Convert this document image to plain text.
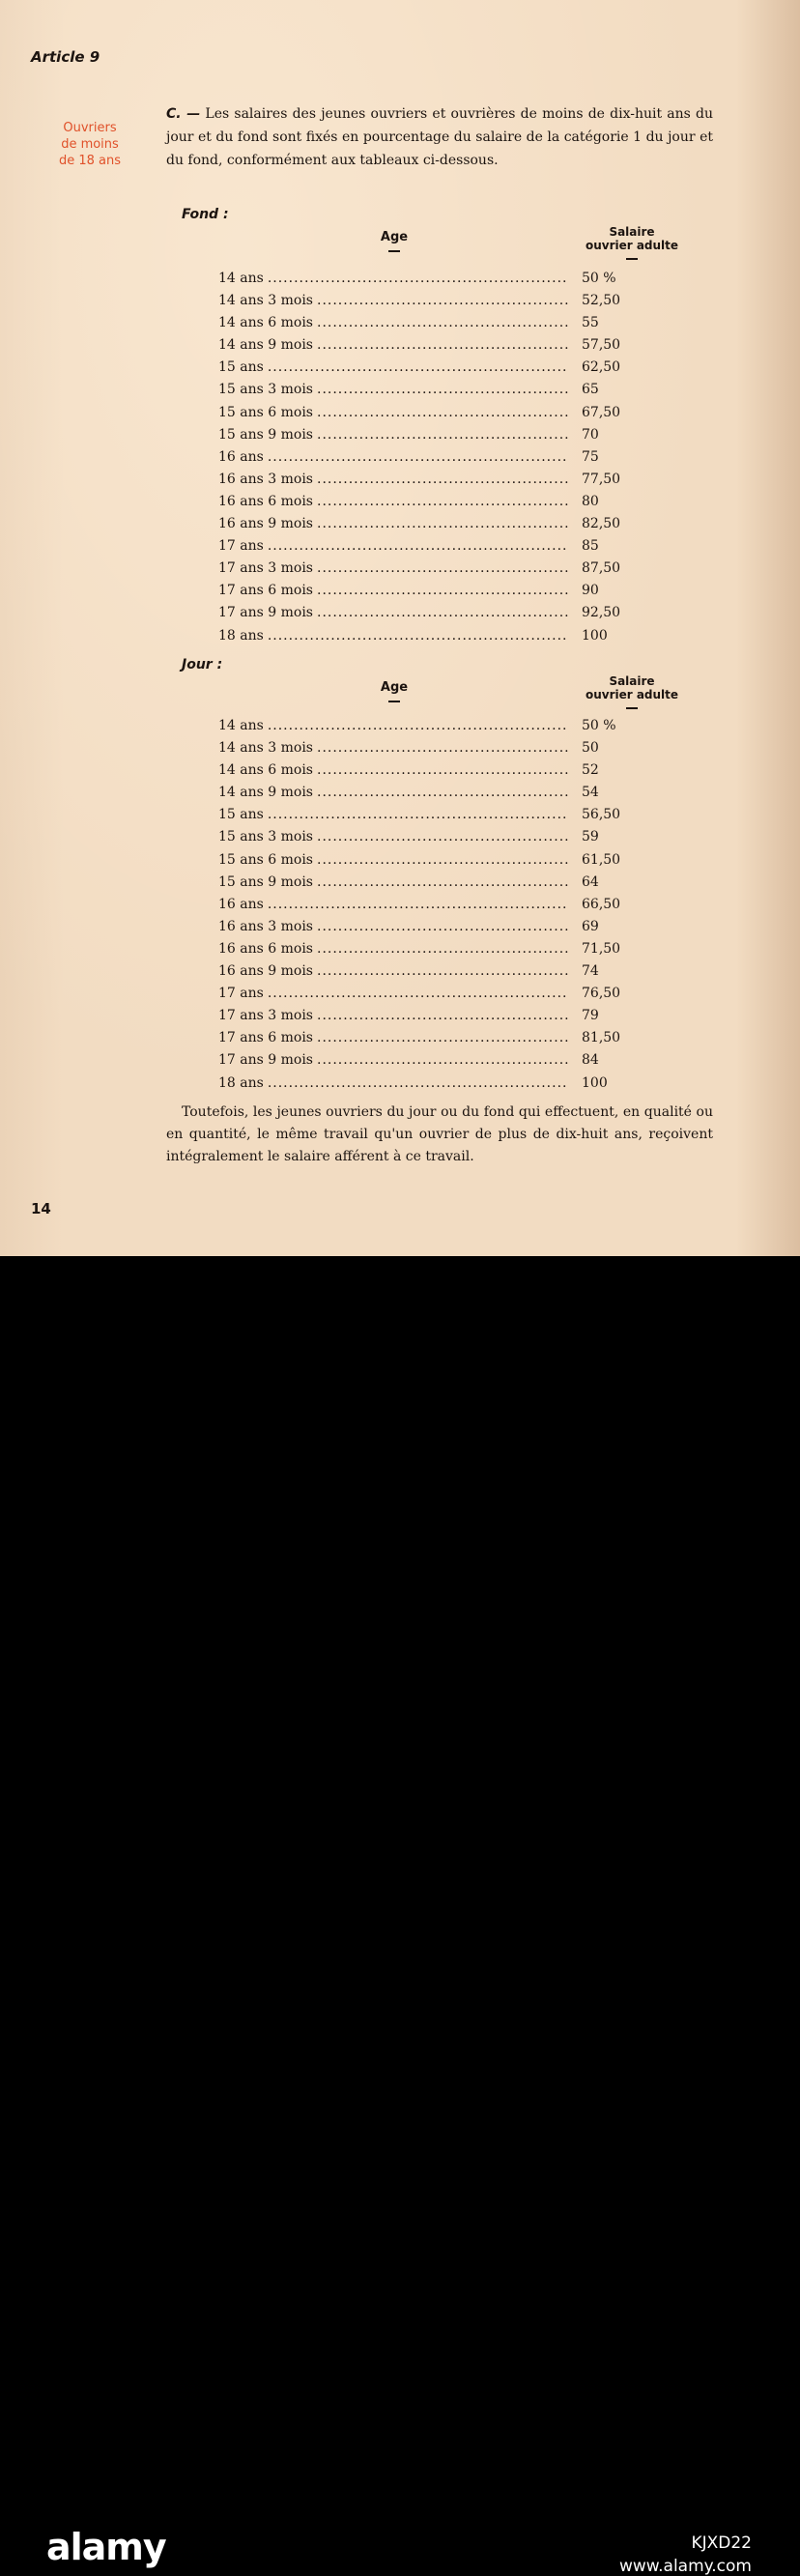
Article 9
Ouvriers
de moins
de 18 ans
C. — Les salaires des jeunes ouvriers et ouvrières de moins de dix-huit ans du jour et du fond sont fixés en pourcentage du salaire de la catégorie 1 du jour et du fond, conformément aux tableaux ci-dessous.
Fond :
Age	Salaire
ouvrier adulte
14 ans .....	50 %
14 ans 3 mois .....	52,50
14 ans 6 mois .....	55
14 ans 9 mois .....	57,50
15 ans .....	62,50
15 ans 3 mois .....	65
15 ans 6 mois .....	67,50
15 ans 9 mois .....	70
16 ans .....	75
16 ans 3 mois .....	77,50
16 ans 6 mois .....	80
16 ans 9 mois .....	82,50
17 ans .....	85
17 ans 3 mois .....	87,50
17 ans 6 mois .....	90
17 ans 9 mois .....	92,50
18 ans .....	100
Jour :
Age	Salaire
ouvrier adulte
14 ans .....	50 %
14 ans 3 mois .....	50
14 ans 6 mois .....	52
14 ans 9 mois .....	54
15 ans .....	56,50
15 ans 3 mois .....	59
15 ans 6 mois .....	61,50
15 ans 9 mois .....	64
16 ans .....	66,50
16 ans 3 mois .....	69
16 ans 6 mois .....	71,50
16 ans 9 mois .....	74
17 ans .....	76,50
17 ans 3 mois .....	79
17 ans 6 mois .....	81,50
17 ans 9 mois .....	84
18 ans .....	100
Toutefois, les jeunes ouvriers du jour ou du fond qui effectuent, en qualité ou en quantité, le même travail qu'un ouvrier de plus de dix-huit ans, reçoivent intégralement le salaire afférent à ce travail.
14
alamy	KJXD22
www.alamy.com
